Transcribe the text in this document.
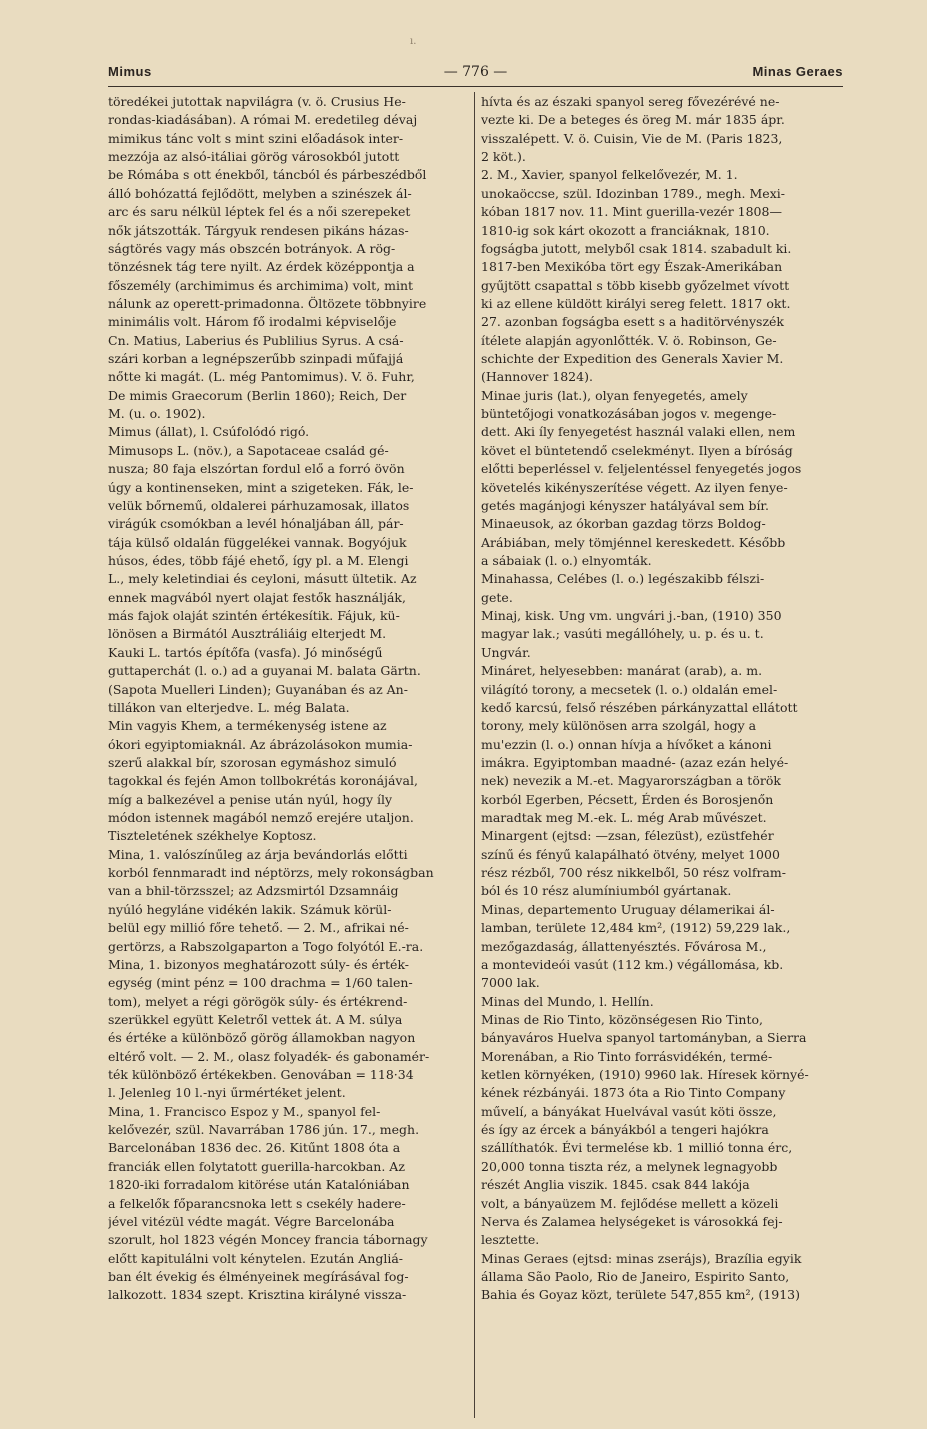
ı.
Mimus	— 776 —	Minas Geraes
töredékei jutottak napvilágra (v. ö. Crusius He-
rondas-kiadásában). A római M. eredetileg dévaj
mimikus tánc volt s mint szini előadások inter-
mezzója az alsó-itáliai görög városokból jutott
be Rómába s ott énekből, táncból és párbeszédből
álló bohózattá fejlődött, melyben a szinészek ál-
arc és saru nélkül léptek fel és a női szerepeket
nők játszották. Tárgyuk rendesen pikáns házas-
ságtörés vagy más obszcén botrányok. A rög-
tönzésnek tág tere nyilt. Az érdek középpontja a
főszemély (archimimus és archimima) volt, mint
nálunk az operett-primadonna. Öltözete többnyire
minimális volt. Három fő irodalmi képviselője
Cn. Matius, Laberius és Publilius Syrus. A csá-
szári korban a legnépszerűbb szinpadi műfajjá
nőtte ki magát. (L. még Pantomimus). V. ö. Fuhr,
De mimis Graecorum (Berlin 1860); Reich, Der
M. (u. o. 1902).
Mimus (állat), l. Csúfolódó rigó.
Mimusops L. (növ.), a Sapotaceae család gé-
nusza; 80 faja elszórtan fordul elő a forró övön
úgy a kontinenseken, mint a szigeteken. Fák, le-
velük bőrnemű, oldalerei párhuzamosak, illatos
virágúk csomókban a levél hónaljában áll, pár-
tája külső oldalán függelékei vannak. Bogyójuk
húsos, édes, több fájé ehető, így pl. a M. Elengi
L., mely keletindiai és ceyloni, másutt ültetik. Az
ennek magvából nyert olajat festők használják,
más fajok olaját szintén értékesítik. Fájuk, kü-
lönösen a Birmától Ausztráliáig elterjedt M.
Kauki L. tartós építőfa (vasfa). Jó minőségű
guttaperchát (l. o.) ad a guyanai M. balata Gärtn.
(Sapota Muelleri Linden); Guyanában és az An-
tillákon van elterjedve. L. még Balata.
Min vagyis Khem, a termékenység istene az
ókori egyiptomiaknál. Az ábrázolásokon mumia-
szerű alakkal bír, szorosan egymáshoz simuló
tagokkal és fején Amon tollbokrétás koronájával,
míg a balkezével a penise után nyúl, hogy íly
módon istennek magából nemző erejére utaljon.
Tiszteletének székhelye Koptosz.
Mina, 1. valószínűleg az árja bevándorlás előtti
korból fennmaradt ind néptörzs, mely rokonságban
van a bhil-törzsszel; az Adzsmirtól Dzsamnáig
nyúló hegyláne vidékén lakik. Számuk körül-
belül egy millió főre tehető. — 2. M., afrikai né-
gertörzs, a Rabszolgaparton a Togo folyótól E.-ra.
Mina, 1. bizonyos meghatározott súly- és érték-
egység (mint pénz = 100 drachma = 1/60 talen-
tom), melyet a régi görögök súly- és értékrend-
szerükkel együtt Keletről vettek át. A M. súlya
és értéke a különböző görög államokban nagyon
eltérő volt. — 2. M., olasz folyadék- és gabonamér-
ték különböző értékekben. Genovában = 118·34
l. Jelenleg 10 l.-nyi űrmértéket jelent.
Mina, 1. Francisco Espoz y M., spanyol fel-
kelővezér, szül. Navarrában 1786 jún. 17., megh.
Barcelonában 1836 dec. 26. Kitűnt 1808 óta a
franciák ellen folytatott guerilla-harcokban. Az
1820-iki forradalom kitörése után Katalóniában
a felkelők főparancsnoka lett s csekély hadere-
jével vitézül védte magát. Végre Barcelonába
szorult, hol 1823 végén Moncey francia tábornagy
előtt kapitulálni volt kénytelen. Ezután Angliá-
ban élt évekig és élményeinek megírásával fog-
lalkozott. 1834 szept. Krisztina királyné vissza-
hívta és az északi spanyol sereg fővezérévé ne-
vezte ki. De a beteges és öreg M. már 1835 ápr.
visszalépett. V. ö. Cuisin, Vie de M. (Paris 1823,
2 köt.).
2. M., Xavier, spanyol felkelővezér, M. 1.
unokaöccse, szül. Idozinban 1789., megh. Mexi-
kóban 1817 nov. 11. Mint guerilla-vezér 1808—
1810-ig sok kárt okozott a franciáknak, 1810.
fogságba jutott, melyből csak 1814. szabadult ki.
1817-ben Mexikóba tört egy Észak-Amerikában
gyűjtött csapattal s több kisebb győzelmet vívott
ki az ellene küldött királyi sereg felett. 1817 okt.
27. azonban fogságba esett s a haditörvényszék
ítélete alapján agyonlőtték. V. ö. Robinson, Ge-
schichte der Expedition des Generals Xavier M.
(Hannover 1824).
Minae juris (lat.), olyan fenyegetés, amely
büntetőjogi vonatkozásában jogos v. megenge-
dett. Aki íly fenyegetést használ valaki ellen, nem
követ el büntetendő cselekményt. Ilyen a bíróság
előtti beperléssel v. feljelentéssel fenyegetés jogos
követelés kikényszerítése végett. Az ilyen fenye-
getés magánjogi kényszer hatályával sem bír.
Minaeusok, az ókorban gazdag törzs Boldog-
Arábiában, mely tömjénnel kereskedett. Később
a sábaiak (l. o.) elnyomták.
Minahassa, Celébes (l. o.) legészakibb félszi-
gete.
Minaj, kisk. Ung vm. ungvári j.-ban, (1910) 350
magyar lak.; vasúti megállóhely, u. p. és u. t.
Ungvár.
Mináret, helyesebben: manárat (arab), a. m.
világító torony, a mecsetek (l. o.) oldalán emel-
kedő karcsú, felső részében párkányzattal ellátott
torony, mely különösen arra szolgál, hogy a
mu'ezzin (l. o.) onnan hívja a hívőket a kánoni
imákra. Egyiptomban maadné- (azaz ezán helyé-
nek) nevezik a M.-et. Magyarországban a török
korból Egerben, Pécsett, Érden és Borosjenőn
maradtak meg M.-ek. L. még Arab művészet.
Minargent (ejtsd: —zsan, félezüst), ezüstfehér
színű és fényű kalapálható ötvény, melyet 1000
rész rézből, 700 rész nikkelből, 50 rész volfram-
ból és 10 rész alumíniumból gyártanak.
Minas, departemento Uruguay délamerikai ál-
lamban, területe 12,484 km², (1912) 59,229 lak.,
mezőgazdaság, állattenyésztés. Fővárosa M.,
a montevideói vasút (112 km.) végállomása, kb.
7000 lak.
Minas del Mundo, l. Hellín.
Minas de Rio Tinto, közönségesen Rio Tinto,
bányaváros Huelva spanyol tartományban, a Sierra
Morenában, a Rio Tinto forrásvidékén, termé-
ketlen környéken, (1910) 9960 lak. Híresek környé-
kének rézbányái. 1873 óta a Rio Tinto Company
művelí, a bányákat Huelvával vasút köti össze,
és így az ércek a bányákból a tengeri hajókra
szállíthatók. Évi termelése kb. 1 millió tonna érc,
20,000 tonna tiszta réz, a melynek legnagyobb
részét Anglia viszik. 1845. csak 844 lakója
volt, a bányaüzem M. fejlődése mellett a közeli
Nerva és Zalamea helységeket is városokká fej-
lesztette.
Minas Geraes (ejtsd: minas zserájs), Brazília egyik
állama São Paolo, Rio de Janeiro, Espirito Santo,
Bahia és Goyaz közt, területe 547,855 km², (1913)
